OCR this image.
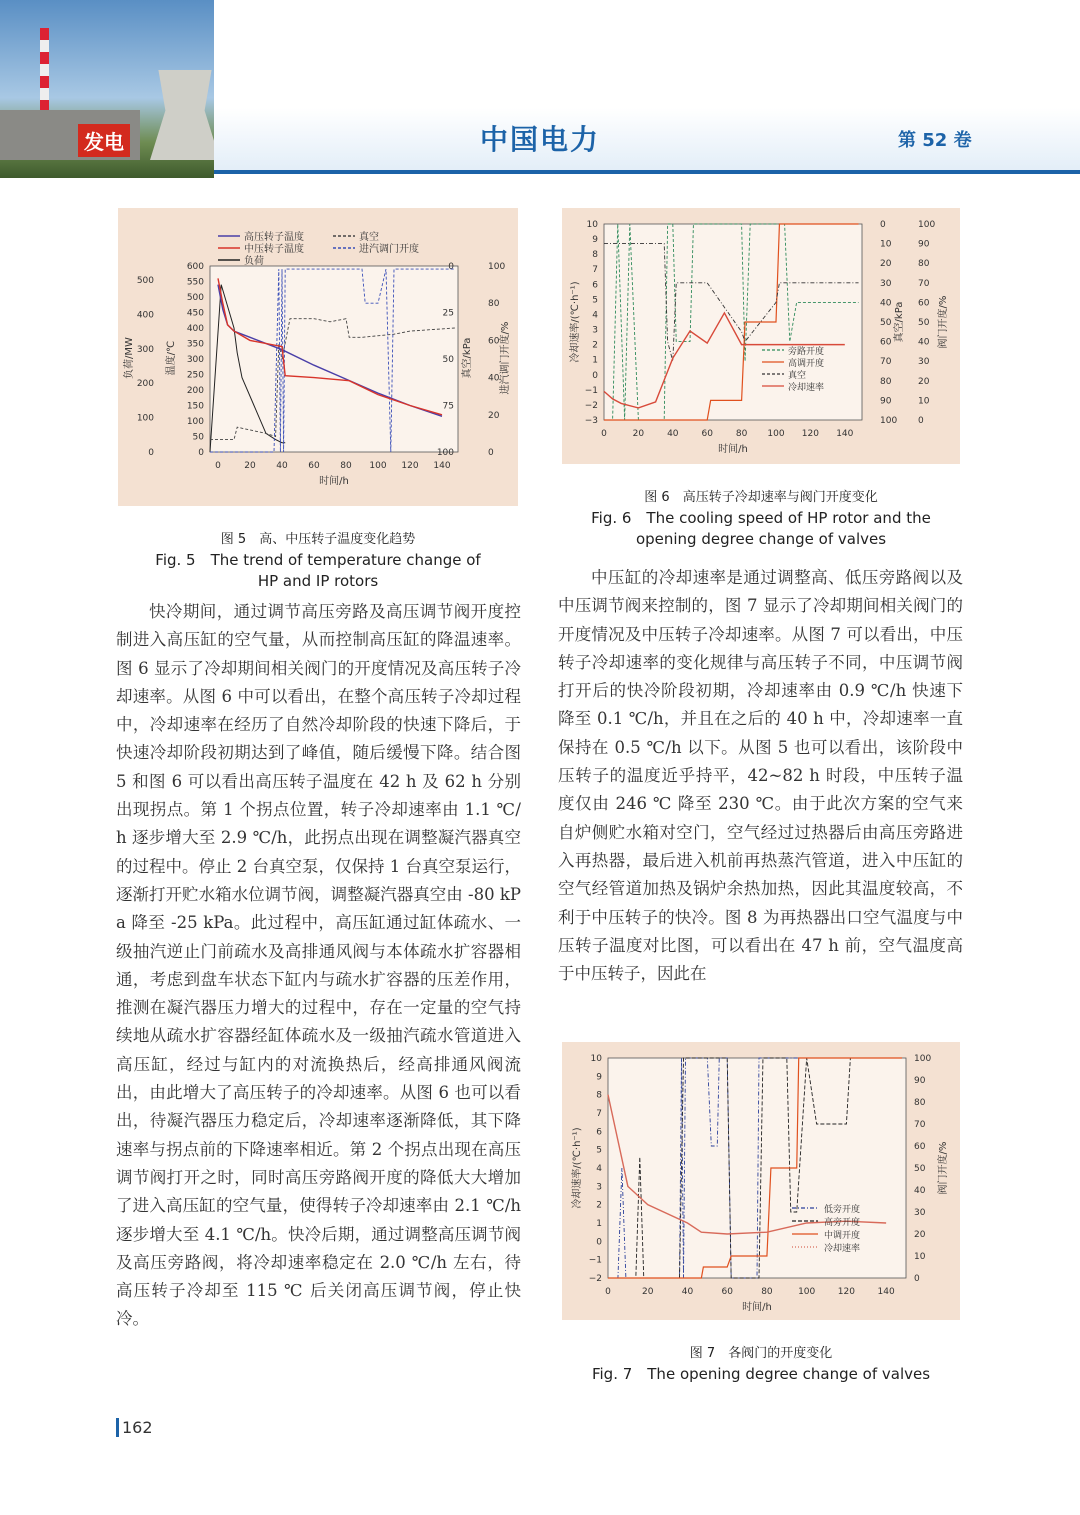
发电	中国电力	第 52 卷
高压转子温度
中压转子温度
负荷
真空
进汽调门开度
600
550
500
450
400
350
300
250
200
150
100
50
0
500
400
300
200
100
0
0
25
50
75
100
100
80
60
40
20
0
0	20 40 60 80 100 120 140
时间/h
负荷/MW	温度/℃	真空/kPa	进汽调门开度/%
图 5　高、中压转子温度变化趋势
Fig. 5　The trend of temperature change of HP and IP rotors
10
9
8
7
6
5
4
3
2
1
0
−1
−2
−3
0
10
20
30
40
50
60
70
80
90
100
100
90
80
70
60
50
40
30
20
10
0
0	20	40	60	80 100 120 140
时间/h
冷却速率/(℃·h⁻¹)	真空/kPa	阀门开度/%
旁路开度
高调开度
真空
冷却速率
图 6　高压转子冷却速率与阀门开度变化
Fig. 6　The cooling speed of HP rotor and the opening degree change of valves
10
9
8
7
6
5
4
3
2
1
0
−1
−2
100
90
80
70
60
50
40
30
20
10
0
0	20	40	60	80	100	120	140
时间/h
冷却速率/(℃·h⁻¹)	阀门开度/%
低旁开度
高旁开度
中调开度
冷却速率
图 7　各阀门的开度变化
Fig. 7　The opening degree change of valves
快冷期间，通过调节高压旁路及高压调节阀开度控制进入高压缸的空气量，从而控制高压缸的降温速率。图 6 显示了冷却期间相关阀门的开度情况及高压转子冷却速率。从图 6 中可以看出，在整个高压转子冷却过程中，冷却速率在经历了自然冷却阶段的快速下降后，于快速冷却阶段初期达到了峰值，随后缓慢下降。结合图 5 和图 6 可以看出高压转子温度在 42 h 及 62 h 分别出现拐点。第 1 个拐点位置，转子冷却速率由 1.1 ℃/h 逐步增大至 2.9 ℃/h，此拐点出现在调整凝汽器真空的过程中。停止 2 台真空泵，仅保持 1 台真空泵运行，逐渐打开贮水箱水位调节阀，调整凝汽器真空由 -80 kPa 降至 -25 kPa。此过程中，高压缸通过缸体疏水、一级抽汽逆止门前疏水及高排通风阀与本体疏水扩容器相通，考虑到盘车状态下缸内与疏水扩容器的压差作用，推测在凝汽器压力增大的过程中，存在一定量的空气持续地从疏水扩容器经缸体疏水及一级抽汽疏水管道进入高压缸，经过与缸内的对流换热后，经高排通风阀流出，由此增大了高压转子的冷却速率。从图 6 也可以看出，待凝汽器压力稳定后，冷却速率逐渐降低，其下降速率与拐点前的下降速率相近。第 2 个拐点出现在高压调节阀打开之时，同时高压旁路阀开度的降低大大增加了进入高压缸的空气量，使得转子冷却速率由 2.1 ℃/h 逐步增大至 4.1 ℃/h。快冷后期，通过调整高压调节阀及高压旁路阀，将冷却速率稳定在 2.0 ℃/h 左右，待高压转子冷却至 115 ℃ 后关闭高压调节阀，停止快冷。
中压缸的冷却速率是通过调整高、低压旁路阀以及中压调节阀来控制的，图 7 显示了冷却期间相关阀门的开度情况及中压转子冷却速率。从图 7 可以看出，中压转子冷却速率的变化规律与高压转子不同，中压调节阀打开后的快冷阶段初期，冷却速率由 0.9 ℃/h 快速下降至 0.1 ℃/h，并且在之后的 40 h 中，冷却速率一直保持在 0.5 ℃/h 以下。从图 5 也可以看出，该阶段中压转子的温度近乎持平，42~82 h 时段，中压转子温度仅由 246 ℃ 降至 230 ℃。由于此次方案的空气来自炉侧贮水箱对空门，空气经过过热器后由高压旁路进入再热器，最后进入机前再热蒸汽管道，进入中压缸的空气经管道加热及锅炉余热加热，因此其温度较高，不利于中压转子的快冷。图 8 为再热器出口空气温度与中压转子温度对比图，可以看出在 47 h 前，空气温度高于中压转子，因此在
162
